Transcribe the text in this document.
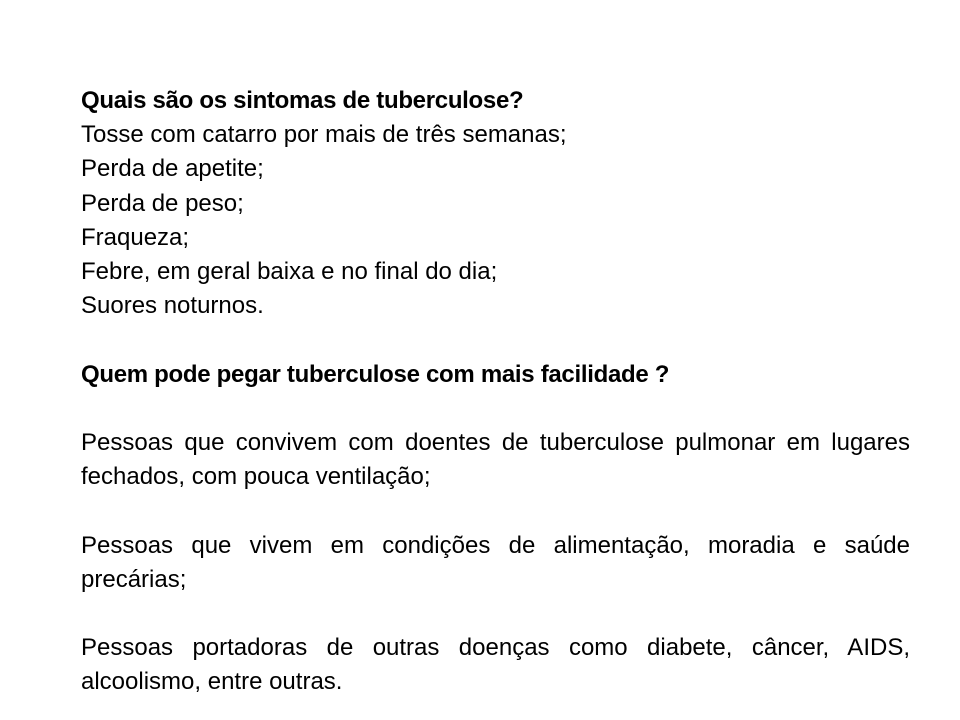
Quais são os sintomas de tuberculose?

Tosse com catarro por mais de três semanas;

Perda de apetite;

Perda de peso;

Fraqueza;

Febre, em geral baixa e no final do dia;

Suores noturnos.

Quem pode pegar tuberculose com mais facilidade ?

Pessoas que convivem com doentes de tuberculose pulmonar em lugares fechados, com pouca ventilação;

Pessoas que vivem em condições de alimentação, moradia e saúde precárias;

Pessoas portadoras de outras doenças como diabete, câncer, AIDS, alcoolismo, entre outras.
